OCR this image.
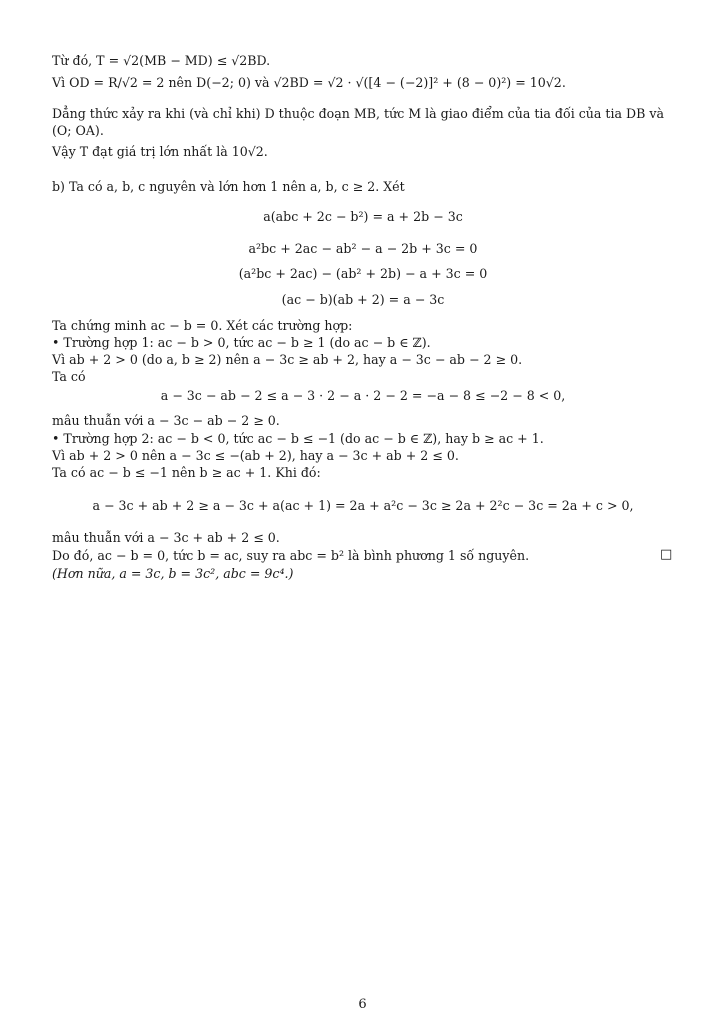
Từ đó, T = √2(MB − MD) ≤ √2BD.
Vì OD = R/√2 = 2 nên D(−2; 0) và √2BD = √2 · √([4 − (−2)]² + (8 − 0)²) = 10√2.
Dẳng thức xảy ra khi (và chỉ khi) D thuộc đoạn MB, tức M là giao điểm của tia đối của tia DB và (O; OA).
Vậy T đạt giá trị lớn nhất là 10√2.
b) Ta có a, b, c nguyên và lớn hơn 1 nên a, b, c ≥ 2. Xét
a(abc + 2c − b²) = a + 2b − 3c
a²bc + 2ac − ab² − a − 2b + 3c = 0
(a²bc + 2ac) − (ab² + 2b) − a + 3c = 0
(ac − b)(ab + 2) = a − 3c
Ta chứng minh ac − b = 0. Xét các trường hợp:
• Trường hợp 1: ac − b > 0, tức ac − b ≥ 1 (do ac − b ∈ ℤ).
Vì ab + 2 > 0 (do a, b ≥ 2) nên a − 3c ≥ ab + 2, hay a − 3c − ab − 2 ≥ 0.
Ta có
a − 3c − ab − 2 ≤ a − 3 · 2 − a · 2 − 2 = −a − 8 ≤ −2 − 8 < 0,
mâu thuẫn với a − 3c − ab − 2 ≥ 0.
• Trường hợp 2: ac − b < 0, tức ac − b ≤ −1 (do ac − b ∈ ℤ), hay b ≥ ac + 1.
Vì ab + 2 > 0 nên a − 3c ≤ −(ab + 2), hay a − 3c + ab + 2 ≤ 0.
Ta có ac − b ≤ −1 nên b ≥ ac + 1. Khi đó:
a − 3c + ab + 2 ≥ a − 3c + a(ac + 1) = 2a + a²c − 3c ≥ 2a + 2²c − 3c = 2a + c > 0,
mâu thuẫn với a − 3c + ab + 2 ≤ 0.
Do đó, ac − b = 0, tức b = ac, suy ra abc = b² là bình phương 1 số nguyên.	□
(Hơn nữa, a = 3c, b = 3c², abc = 9c⁴.)
6
